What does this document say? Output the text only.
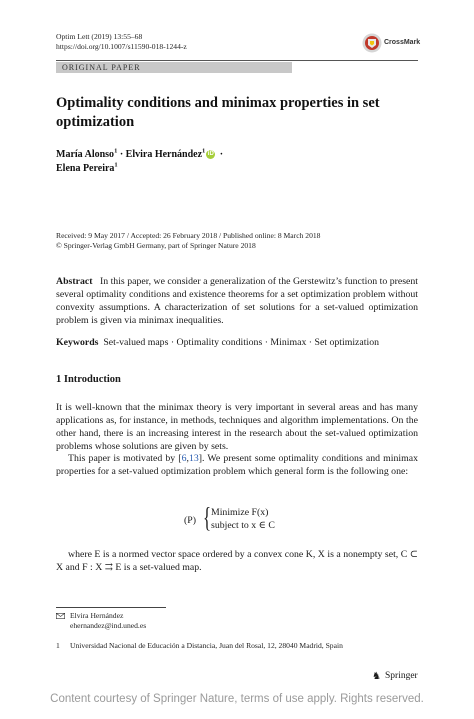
Optim Lett (2019) 13:55–68
https://doi.org/10.1007/s11590-018-1244-z	CrossMark
ORIGINAL PAPER
Optimality conditions and minimax properties in set optimization
María Alonso$^1$ · Elvira Hernández$^1$ iD ·
Elena Pereira$^1$
Received: 9 May 2017 / Accepted: 26 February 2018 / Published online: 8 March 2018
© Springer-Verlag GmbH Germany, part of Springer Nature 2018
Abstract In this paper, we consider a generalization of the Gerstewitz’s function to present several optimality conditions and existence theorems for a set optimization problem without convexity assumptions. A characterization of set solutions for a set-valued optimization problem is given via minimax inequalities.
Keywords Set-valued maps · Optimality conditions · Minimax · Set optimization
1 Introduction
It is well-known that the minimax theory is very important in several areas and has many applications as, for instance, in methods, techniques and algorithm implementations. On the other hand, there is an increasing interest in the research about the set-valued optimization problems whose solutions are given by sets.
This paper is motivated by [6,13]. We present some optimality conditions and minimax properties for a set-valued optimization problem which general form is the following one:
(P) { Minimize F(x)
subject to x ∈ C
where E is a normed vector space ordered by a convex cone K, X is a nonempty set, C ⊂ X and F : X ⇉ E is a set-valued map.
Elvira Hernández
ehernandez@ind.uned.es
1 Universidad Nacional de Educación a Distancia, Juan del Rosal, 12, 28040 Madrid, Spain
♞ Springer
Content courtesy of Springer Nature, terms of use apply. Rights reserved.
